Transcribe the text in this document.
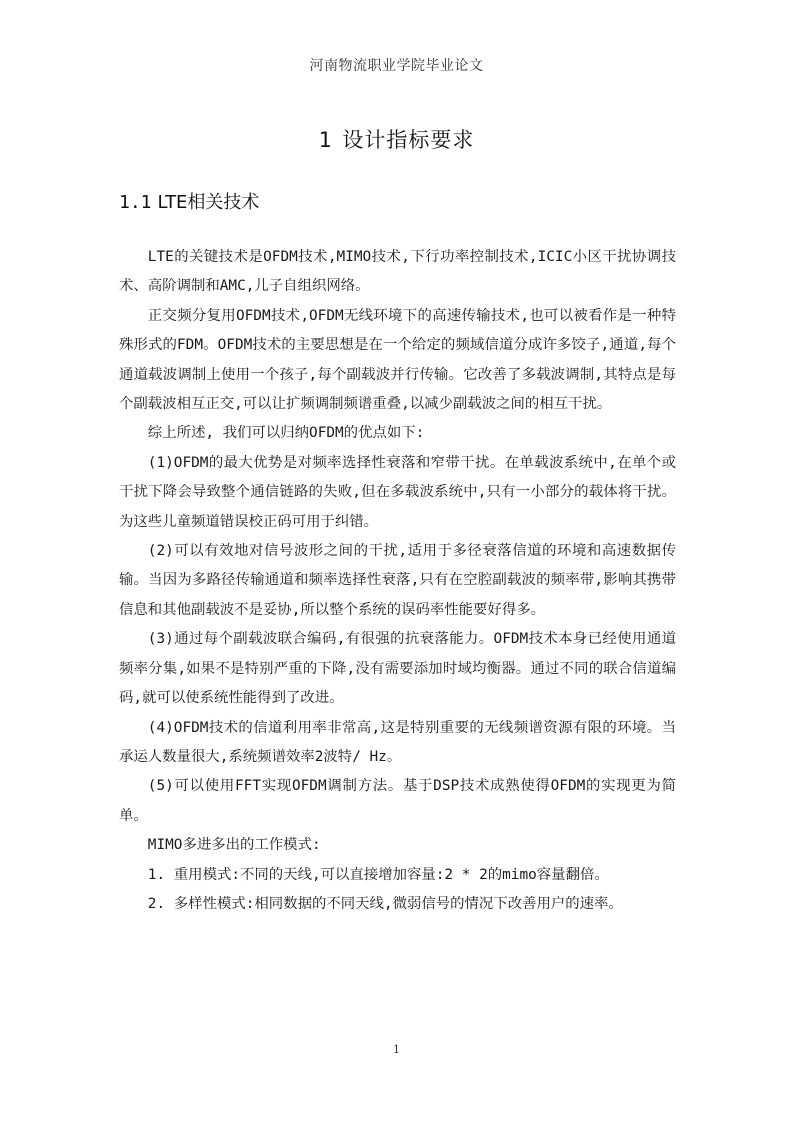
河南物流职业学院毕业论文
1 设计指标要求
1.1 LTE相关技术

LTE的关键技术是OFDM技术,MIMO技术,下行功率控制技术,ICIC小区干扰协调技术、高阶调制和AMC,儿子自组织网络。

正交频分复用OFDM技术,OFDM无线环境下的高速传输技术,也可以被看作是一种特殊形式的FDM。OFDM技术的主要思想是在一个给定的频域信道分成许多饺子,通道,每个通道载波调制上使用一个孩子,每个副载波并行传输。它改善了多载波调制,其特点是每个副载波相互正交,可以让扩频调制频谱重叠,以减少副载波之间的相互干扰。

综上所述, 我们可以归纳OFDM的优点如下:

(1)OFDM的最大优势是对频率选择性衰落和窄带干扰。在单载波系统中,在单个或干扰下降会导致整个通信链路的失败,但在多载波系统中,只有一小部分的载体将干扰。为这些儿童频道错误校正码可用于纠错。

(2)可以有效地对信号波形之间的干扰,适用于多径衰落信道的环境和高速数据传输。当因为多路径传输通道和频率选择性衰落,只有在空腔副载波的频率带,影响其携带信息和其他副载波不是妥协,所以整个系统的误码率性能要好得多。

(3)通过每个副载波联合编码,有很强的抗衰落能力。OFDM技术本身已经使用通道频率分集,如果不是特别严重的下降,没有需要添加时域均衡器。通过不同的联合信道编码,就可以使系统性能得到了改进。

(4)OFDM技术的信道利用率非常高,这是特别重要的无线频谱资源有限的环境。当承运人数量很大,系统频谱效率2波特/ Hz。

(5)可以使用FFT实现OFDM调制方法。基于DSP技术成熟使得OFDM的实现更为简单。

MIMO多进多出的工作模式:

1. 重用模式:不同的天线,可以直接增加容量:2 * 2的mimo容量翻倍。

2. 多样性模式:相同数据的不同天线,微弱信号的情况下改善用户的速率。

1
